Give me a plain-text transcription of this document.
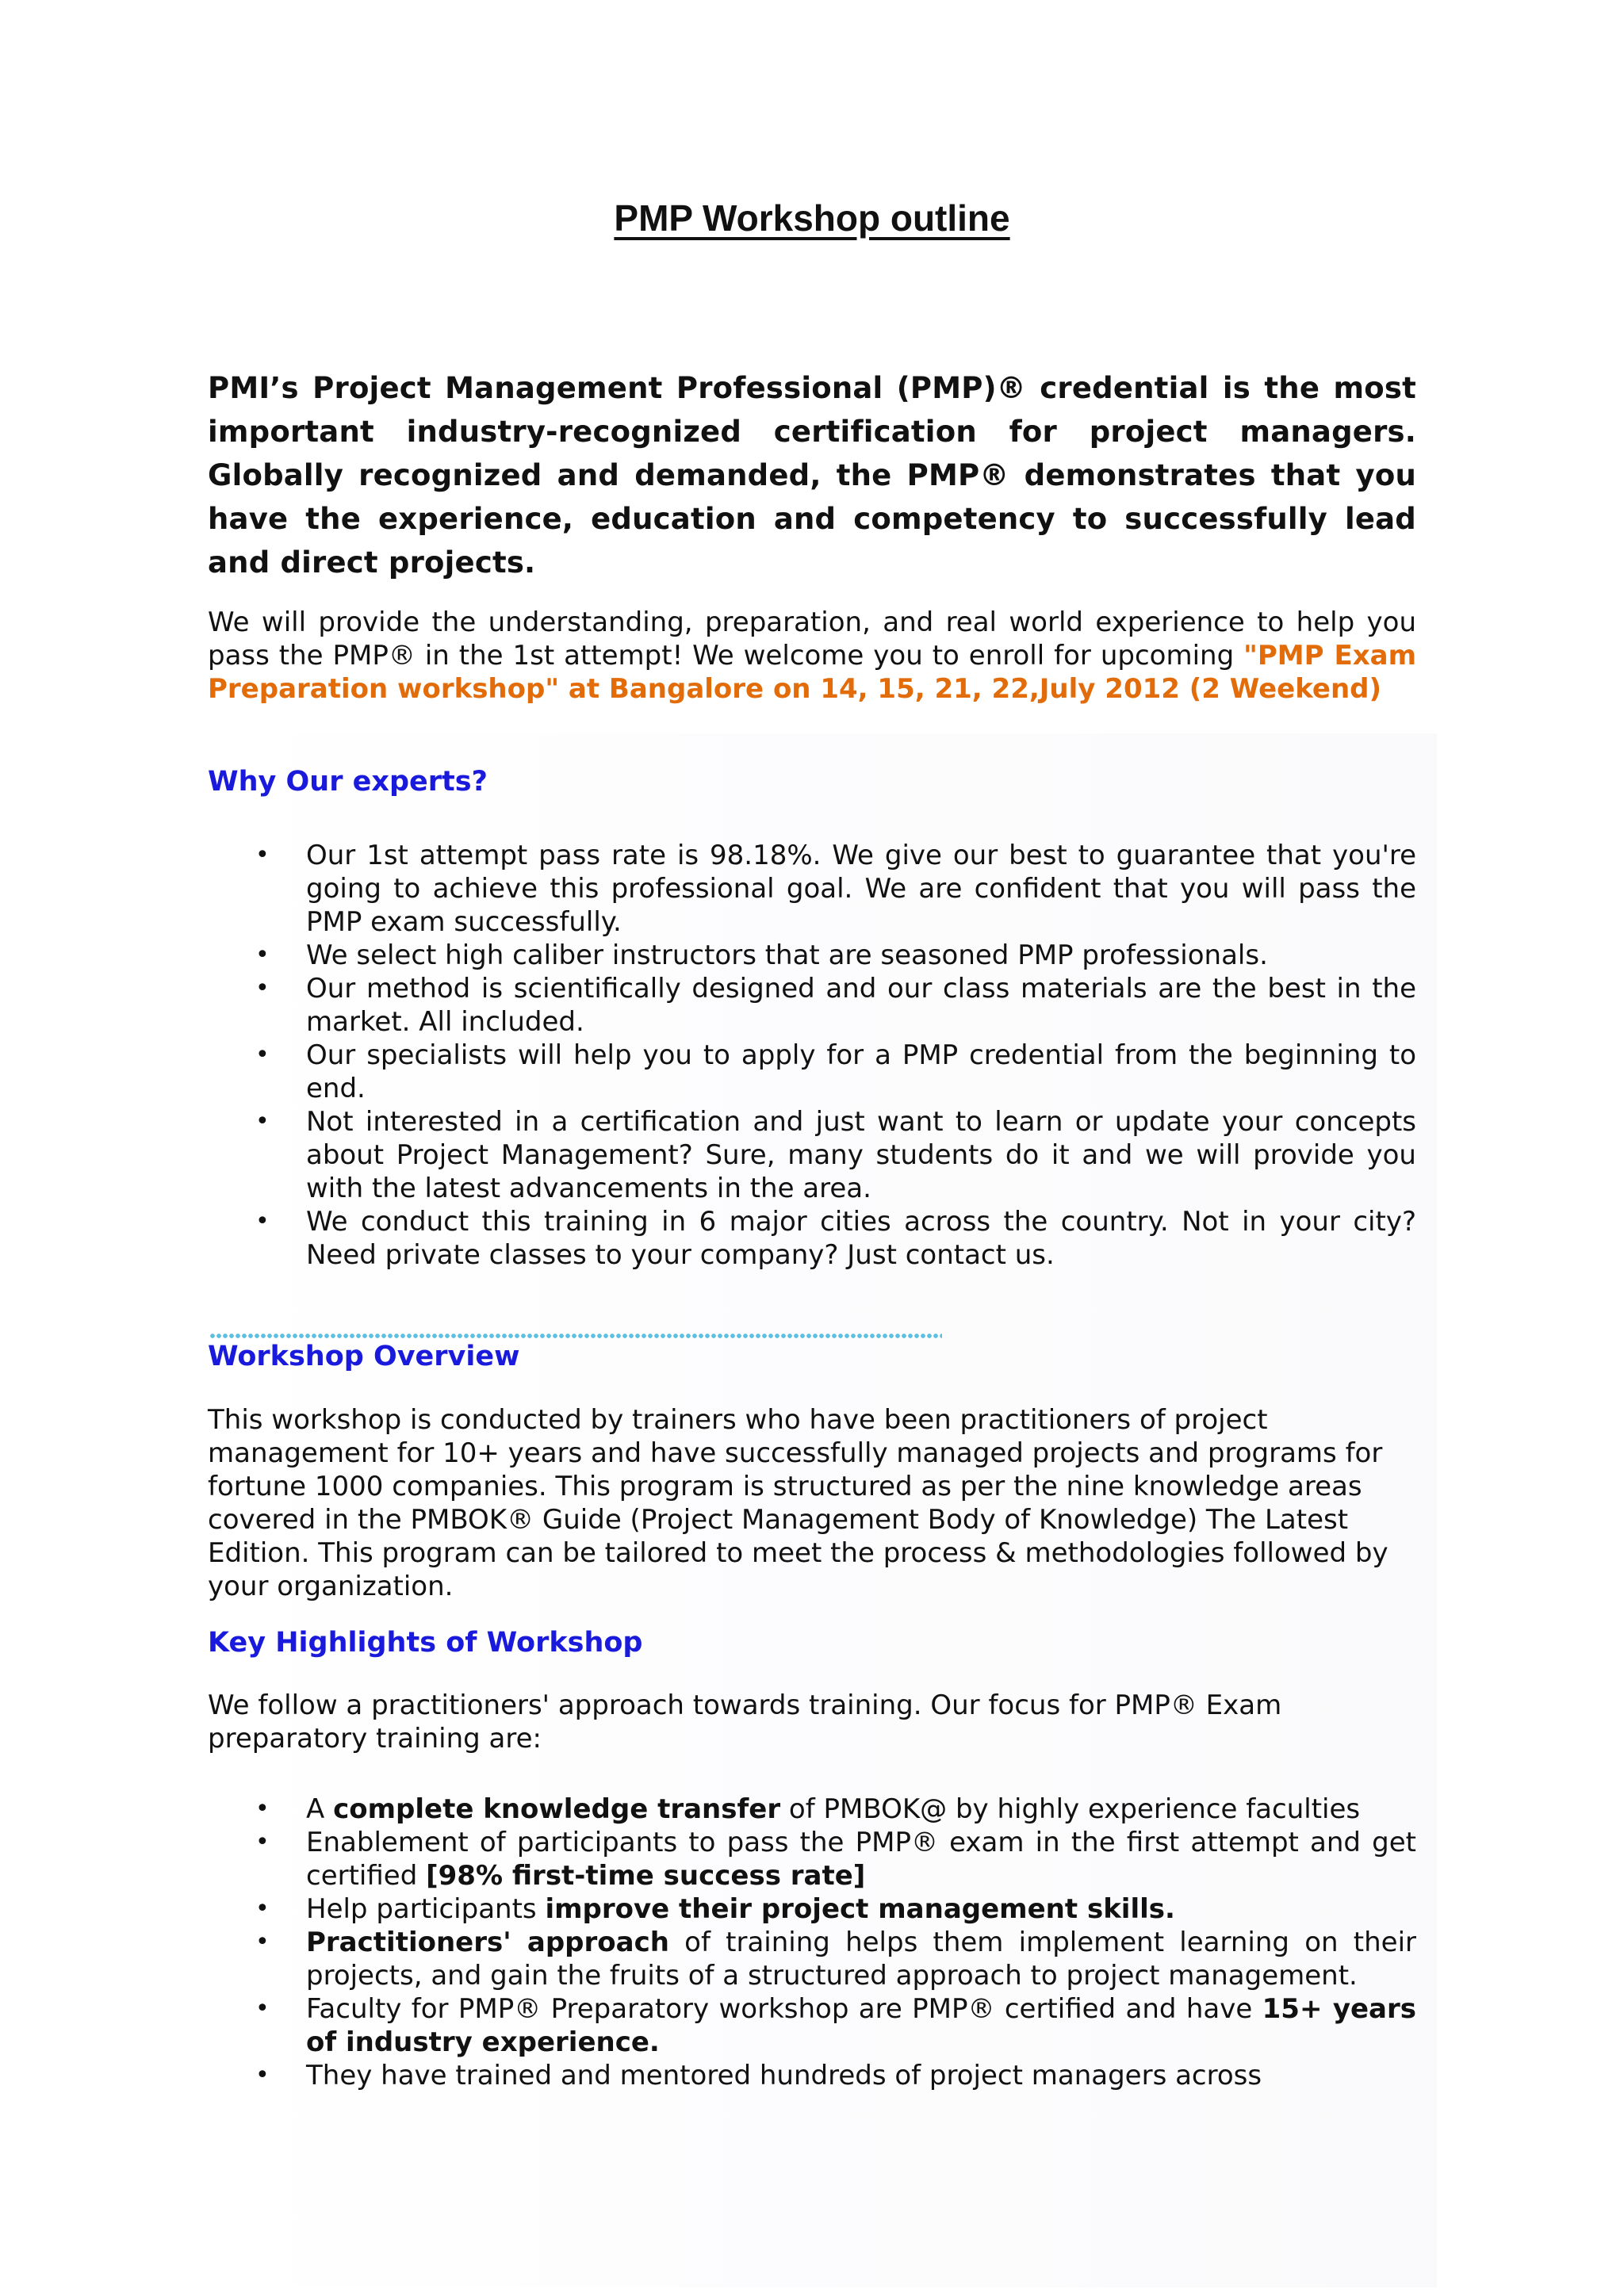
PMP Workshop outline
PMI’s Project Management Professional (PMP)® credential is the most important industry-recognized certification for project managers. Globally recognized and demanded, the PMP® demonstrates that you have the experience, education and competency to successfully lead and direct projects.
We will provide the understanding, preparation, and real world experience to help you pass the PMP® in the 1st attempt! We welcome you to enroll for upcoming "PMP Exam Preparation workshop" at Bangalore on 14, 15, 21, 22,July 2012 (2 Weekend)
Why Our experts?
• Our 1st attempt pass rate is 98.18%. We give our best to guarantee that you're going to achieve this professional goal. We are confident that you will pass the PMP exam successfully.
• We select high caliber instructors that are seasoned PMP professionals.
• Our method is scientifically designed and our class materials are the best in the market. All included.
• Our specialists will help you to apply for a PMP credential from the beginning to end.
• Not interested in a certification and just want to learn or update your concepts about Project Management? Sure, many students do it and we will provide you with the latest advancements in the area.
• We conduct this training in 6 major cities across the country. Not in your city? Need private classes to your company? Just contact us.
Workshop Overview
This workshop is conducted by trainers who have been practitioners of project management for 10+ years and have successfully managed projects and programs for fortune 1000 companies. This program is structured as per the nine knowledge areas covered in the PMBOK® Guide (Project Management Body of Knowledge) The Latest Edition. This program can be tailored to meet the process & methodologies followed by your organization.
Key Highlights of Workshop
We follow a practitioners' approach towards training. Our focus for PMP® Exam preparatory training are:
• A complete knowledge transfer of PMBOK@ by highly experience faculties
• Enablement of participants to pass the PMP® exam in the first attempt and get certified [98% first-time success rate]
• Help participants improve their project management skills.
• Practitioners' approach of training helps them implement learning on their projects, and gain the fruits of a structured approach to project management.
• Faculty for PMP® Preparatory workshop are PMP® certified and have 15+ years of industry experience.
• They have trained and mentored hundreds of project managers across
